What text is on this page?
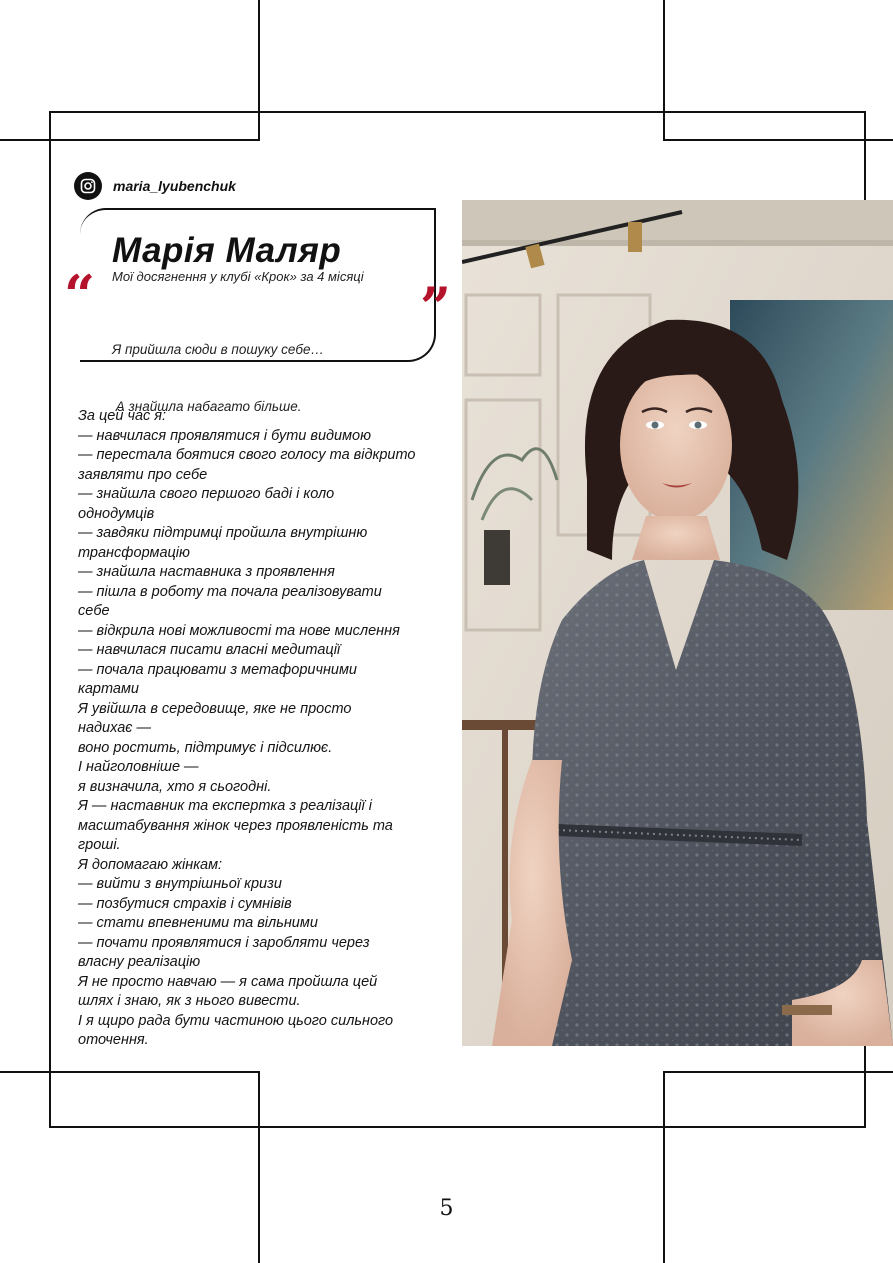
maria_lyubenchuk
“	”
Марія Маляр
Мої досягнення у клубі «Крок» за 4 місяці

Я прийшла сюди в пошуку себе…

А знайшла набагато більше.

За цей час я:
— навчилася проявлятися і бути видимою
— перестала боятися свого голосу та відкрито
заявляти про себе
— знайшла свого першого баді і коло
однодумців
— завдяки підтримці пройшла внутрішню
трансформацію
— знайшла наставника з проявлення
— пішла в роботу та почала реалізовувати
себе
— відкрила нові можливості та нове мислення
— навчилася писати власні медитації
— почала працювати з метафоричними
картами
Я увійшла в середовище, яке не просто
надихає —
воно ростить, підтримує і підсилює.
І найголовніше —
я визначила, хто я сьогодні.
Я — наставник та експертка з реалізації і
масштабування жінок через проявленість та
гроші.
Я допомагаю жінкам:
— вийти з внутрішньої кризи
— позбутися страхів і сумнівів
— стати впевненими та вільними
— почати проявлятися і заробляти через
власну реалізацію
Я не просто навчаю — я сама пройшла цей
шлях і знаю, як з нього вивести.
І я щиро рада бути частиною цього сильного
оточення.
5
